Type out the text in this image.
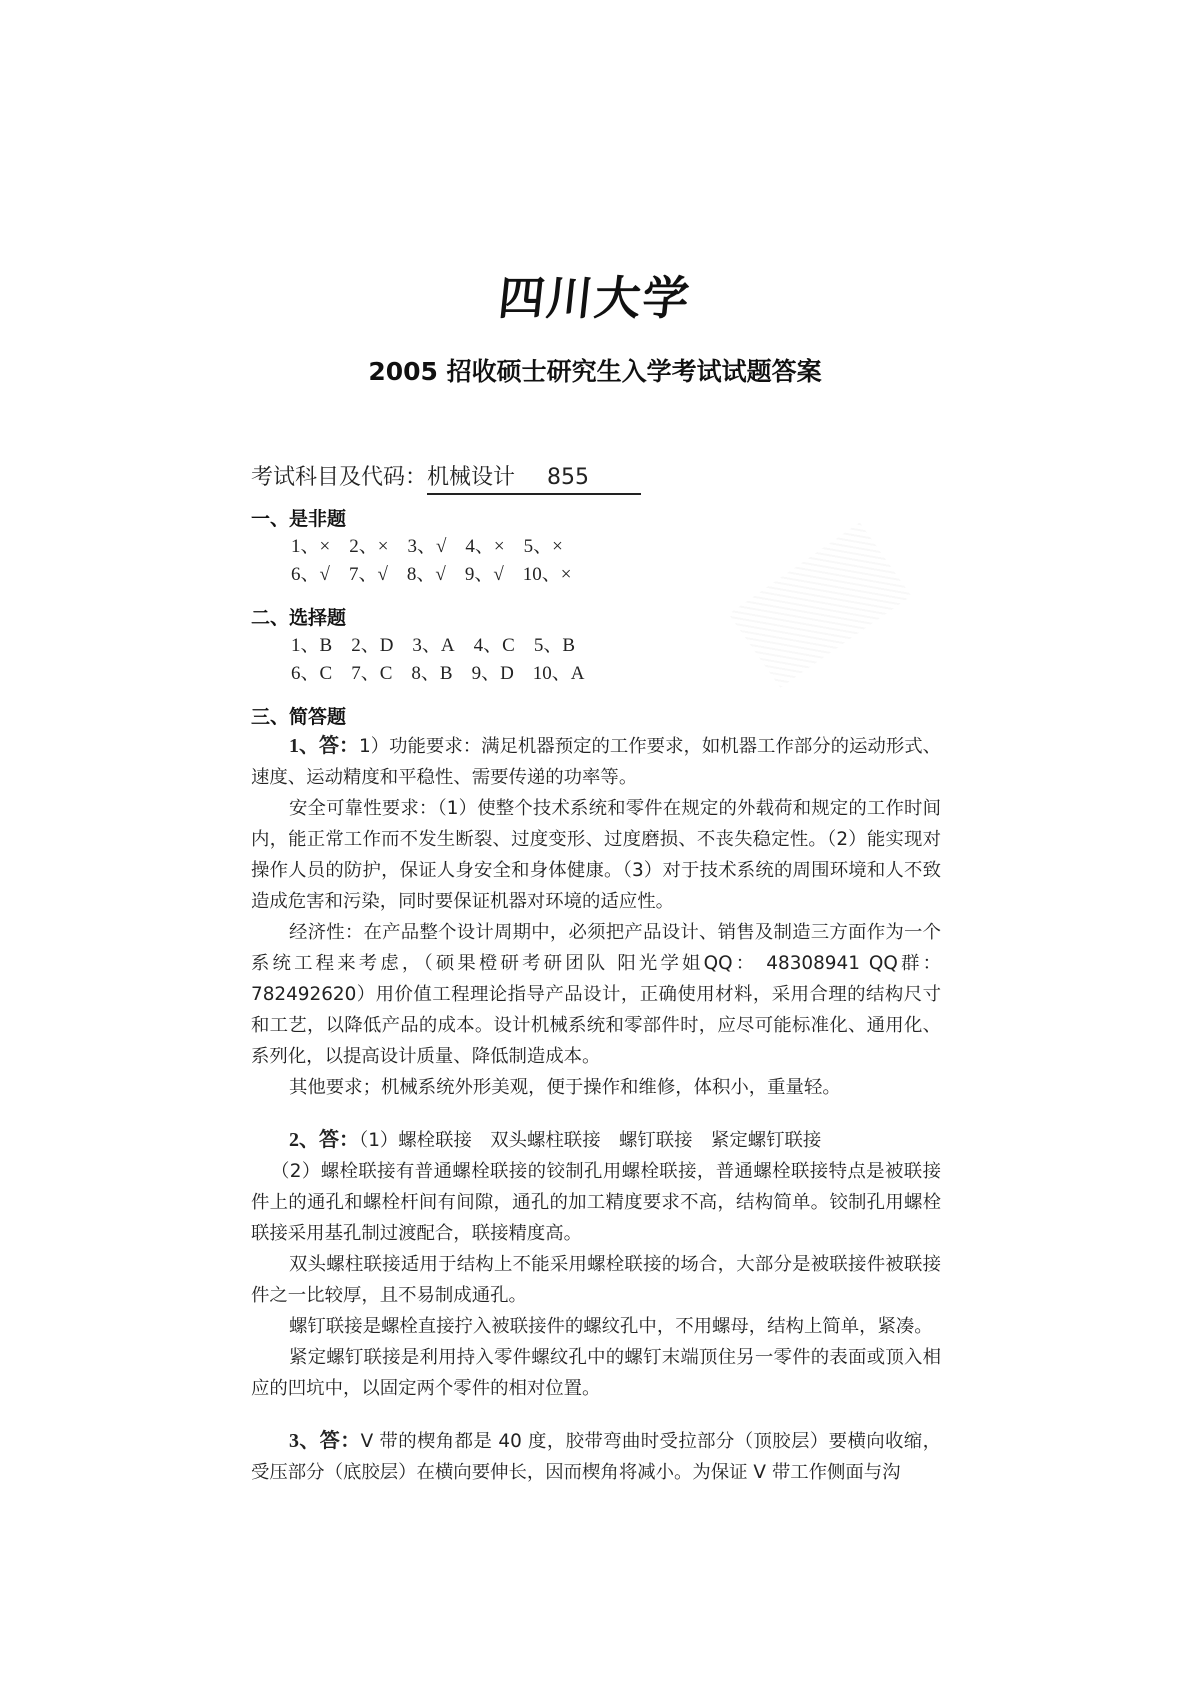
四川大学
2005 招收硕士研究生入学考试试题答案
考试科目及代码：机械设计 855
一、是非题
1、× 2、× 3、√ 4、× 5、×
6、√ 7、√ 8、√ 9、√ 10、×
二、选择题
1、B 2、D 3、A 4、C 5、B
6、C 7、C 8、B 9、D 10、A
三、简答题

1、答：1）功能要求：满足机器预定的工作要求，如机器工作部分的运动形式、速度、运动精度和平稳性、需要传递的功率等。

安全可靠性要求：（1）使整个技术系统和零件在规定的外载荷和规定的工作时间内，能正常工作而不发生断裂、过度变形、过度磨损、不丧失稳定性。（2）能实现对操作人员的防护，保证人身安全和身体健康。（3）对于技术系统的周围环境和人不致造成危害和污染，同时要保证机器对环境的适应性。

经济性：在产品整个设计周期中，必须把产品设计、销售及制造三方面作为一个系统工程来考虑，（硕果橙研考研团队 阳光学姐QQ： 48308941 QQ群：782492620）用价值工程理论指导产品设计，正确使用材料，采用合理的结构尺寸和工艺，以降低产品的成本。设计机械系统和零部件时，应尽可能标准化、通用化、系列化，以提高设计质量、降低制造成本。

其他要求；机械系统外形美观，便于操作和维修，体积小，重量轻。

2、答：（1）螺栓联接　双头螺柱联接　螺钉联接　紧定螺钉联接

（2）螺栓联接有普通螺栓联接的铰制孔用螺栓联接，普通螺栓联接特点是被联接件上的通孔和螺栓杆间有间隙，通孔的加工精度要求不高，结构简单。铰制孔用螺栓联接采用基孔制过渡配合，联接精度高。

双头螺柱联接适用于结构上不能采用螺栓联接的场合，大部分是被联接件被联接件之一比较厚，且不易制成通孔。

螺钉联接是螺栓直接拧入被联接件的螺纹孔中，不用螺母，结构上简单，紧凑。

紧定螺钉联接是利用持入零件螺纹孔中的螺钉末端顶住另一零件的表面或顶入相应的凹坑中，以固定两个零件的相对位置。

3、答：V 带的楔角都是 40 度，胶带弯曲时受拉部分（顶胶层）要横向收缩，受压部分（底胶层）在横向要伸长，因而楔角将减小。为保证 V 带工作侧面与沟
